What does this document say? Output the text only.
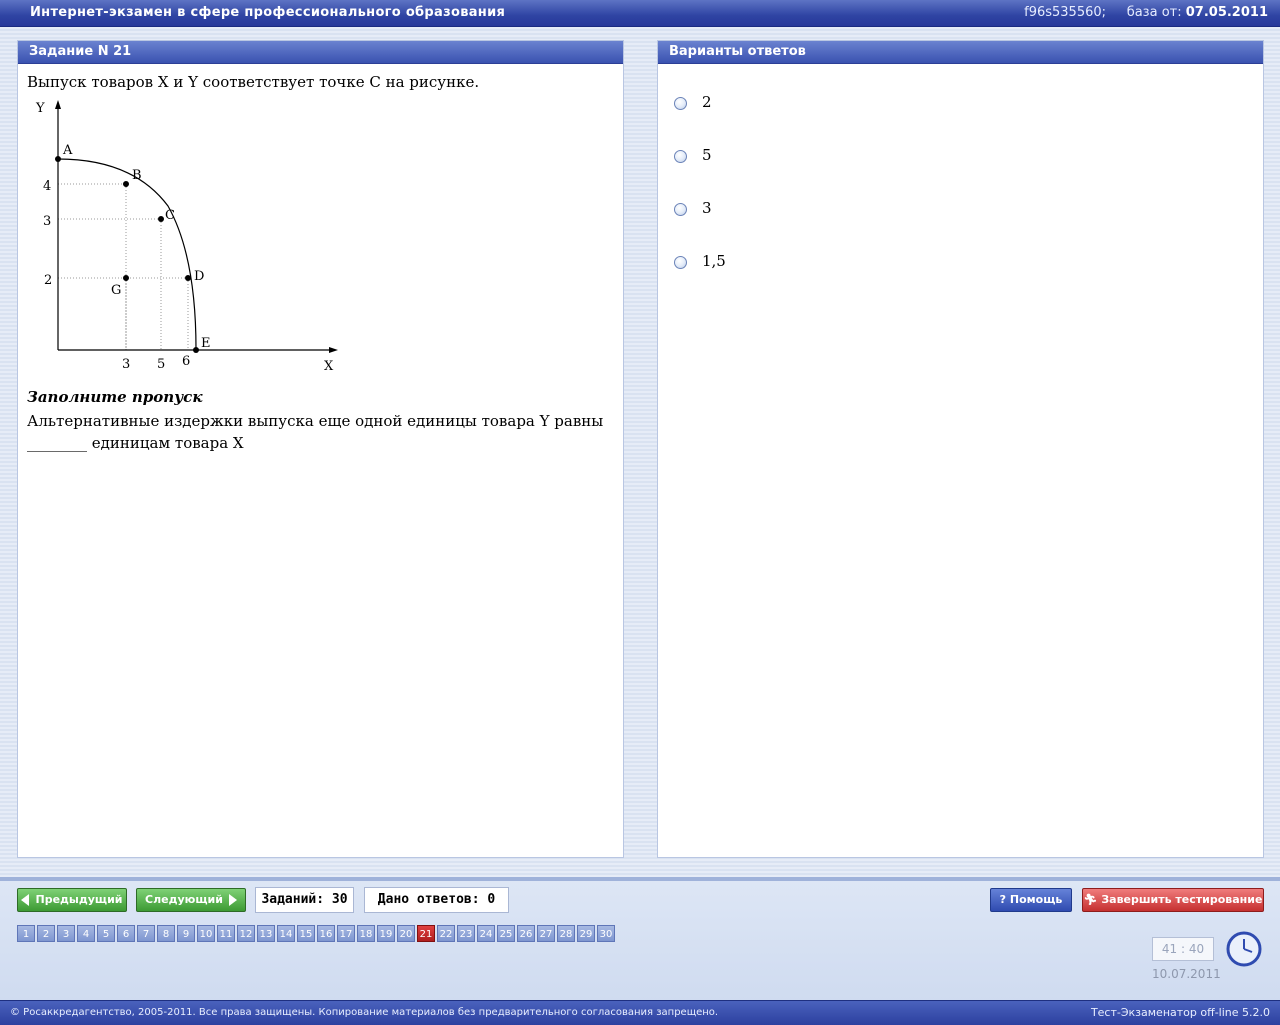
Интернет-экзамен в сфере профессионального образования	f96s535560; база от: 07.05.2011
Задание N 21
Выпуск товаров X и Y соответствует точке C на рисунке.
Y
X
A
B
C
D
E
G
3 5 6
4
3
2
Заполните пропуск
Альтернативные издержки выпуска еще одной единицы товара Y равны ________ единицам товара X
Варианты ответов
2
5
3
1,5
Предыдущий	Следующий	Заданий: 30	Дано ответов: 0	? Помощь	🏃︎ Завершить тестирование
1	2	3	4	5	6	7	8	9	10 11 12 13 14 15 16 17 18 19 20 21 22 23 24 25 26 27 28 29 30
41 : 40
10.07.2011
© Росаккредагентство, 2005-2011. Все права защищены. Копирование материалов без предварительного согласования запрещено.	Тест-Экзаменатор off-line 5.2.0
